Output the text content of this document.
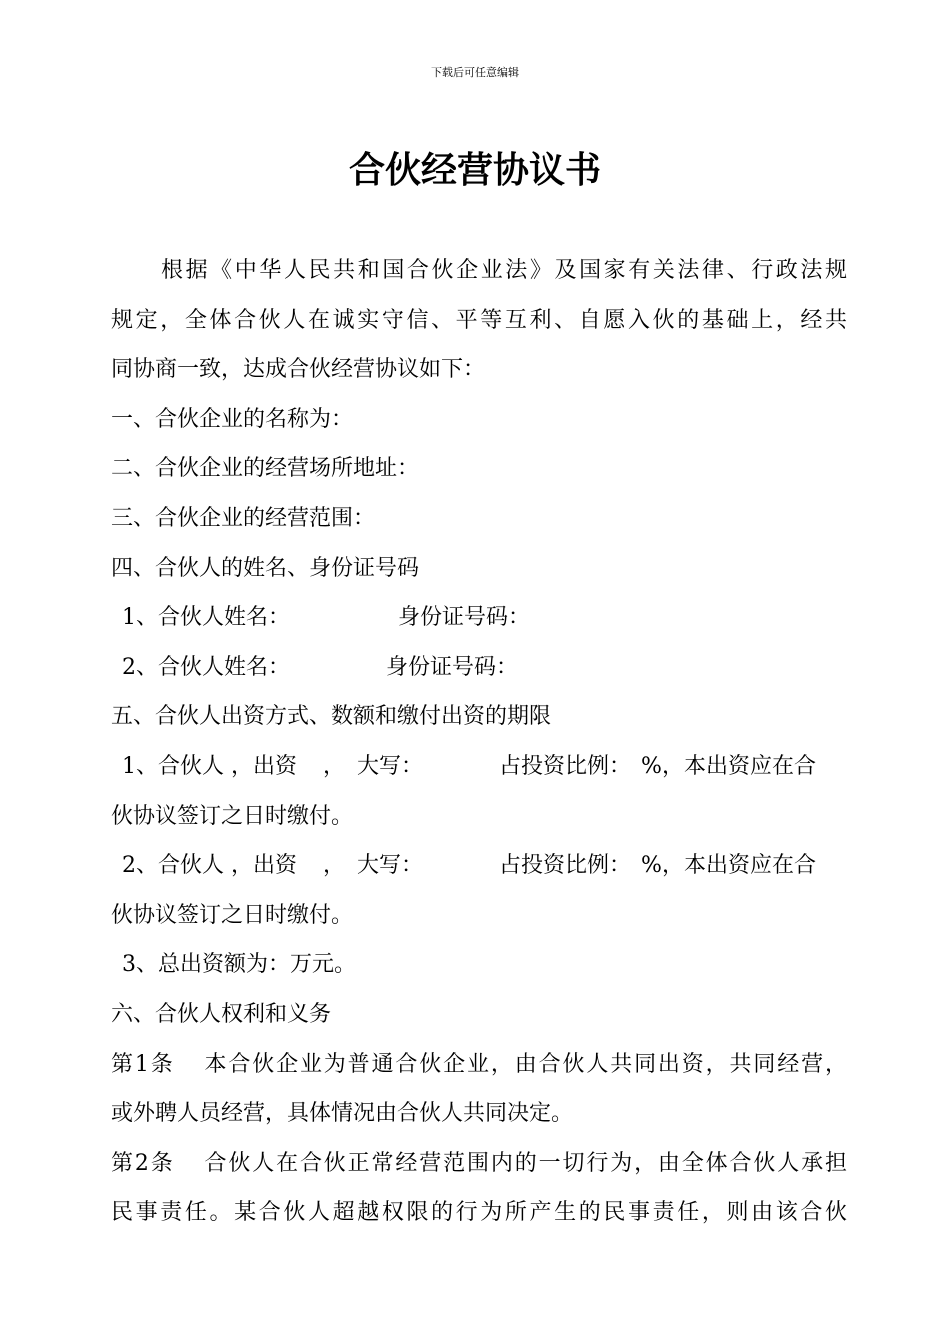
下载后可任意编辑
合伙经营协议书
根据《中华人民共和国合伙企业法》及国家有关法律、行政法规
规定，全体合伙人在诚实守信、平等互利、自愿入伙的基础上，经共
同协商一致，达成合伙经营协议如下：
一、合伙企业的名称为：
二、合伙企业的经营场所地址：
三、合伙企业的经营范围：
四、合伙人的姓名、身份证号码
1、合伙人姓名：	身份证号码：
2、合伙人姓名：	身份证号码：
五、合伙人出资方式、数额和缴付出资的期限
1、合伙人 ，出资 ， 大写：	占投资比例： %，本出资应在合
伙协议签订之日时缴付。
2、合伙人 ，出资 ， 大写：	占投资比例： %，本出资应在合
伙协议签订之日时缴付。
3、总出资额为：万元。
六、合伙人权利和义务
第1条 本合伙企业为普通合伙企业，由合伙人共同出资，共同经营，
或外聘人员经营，具体情况由合伙人共同决定。
第2条 合伙人在合伙正常经营范围内的一切行为，由全体合伙人承担
民事责任。某合伙人超越权限的行为所产生的民事责任，则由该合伙
